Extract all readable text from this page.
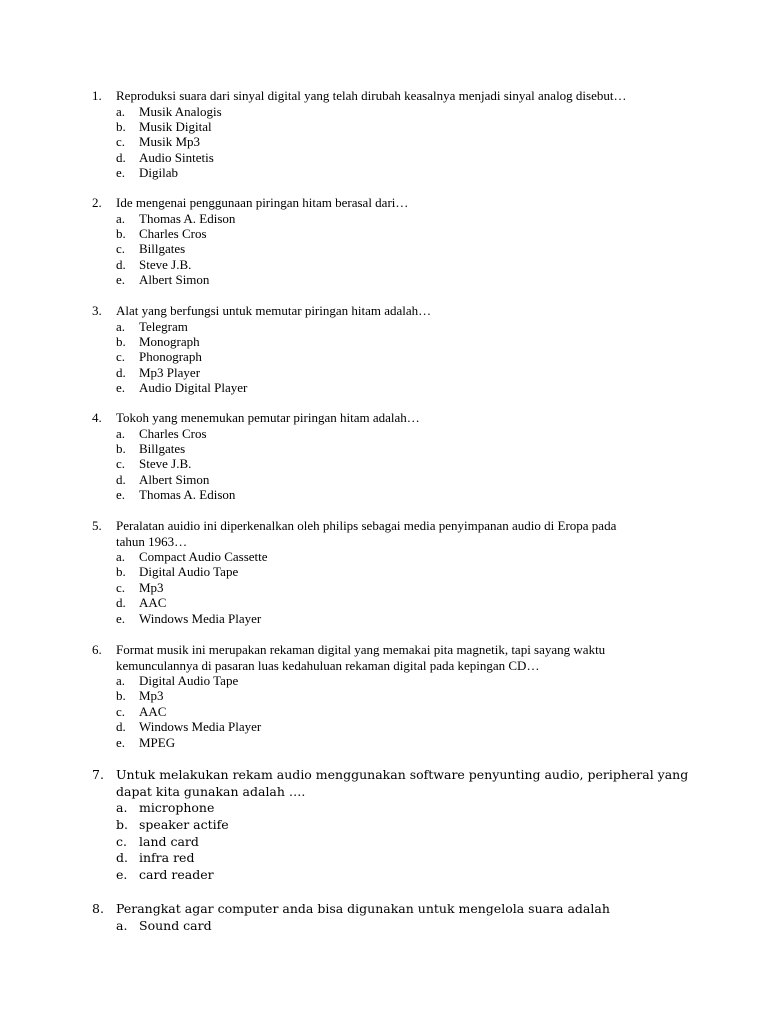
1. Reproduksi suara dari sinyal digital yang telah dirubah keasalnya menjadi sinyal analog disebut…
a. Musik Analogis
b. Musik Digital
c. Musik Mp3
d. Audio Sintetis
e. Digilab
2. Ide mengenai penggunaan piringan hitam berasal dari…
a. Thomas A. Edison
b. Charles Cros
c. Billgates
d. Steve J.B.
e. Albert Simon
3. Alat yang berfungsi untuk memutar piringan hitam adalah…
a. Telegram
b. Monograph
c. Phonograph
d. Mp3 Player
e. Audio Digital Player
4. Tokoh yang menemukan pemutar piringan hitam adalah…
a. Charles Cros
b. Billgates
c. Steve J.B.
d. Albert Simon
e. Thomas A. Edison
5. Peralatan auidio ini diperkenalkan oleh philips sebagai media penyimpanan audio di Eropa pada
tahun 1963…
a. Compact Audio Cassette
b. Digital Audio Tape
c. Mp3
d. AAC
e. Windows Media Player
6. Format musik ini merupakan rekaman digital yang memakai pita magnetik, tapi sayang waktu
kemunculannya di pasaran luas kedahuluan rekaman digital pada kepingan CD…
a. Digital Audio Tape
b. Mp3
c. AAC
d. Windows Media Player
e. MPEG
7. Untuk melakukan rekam audio menggunakan software penyunting audio, peripheral yang
dapat kita gunakan adalah ….
a. microphone
b. speaker actife
c. land card
d. infra red
e. card reader
8. Perangkat agar computer anda bisa digunakan untuk mengelola suara adalah
a. Sound card
